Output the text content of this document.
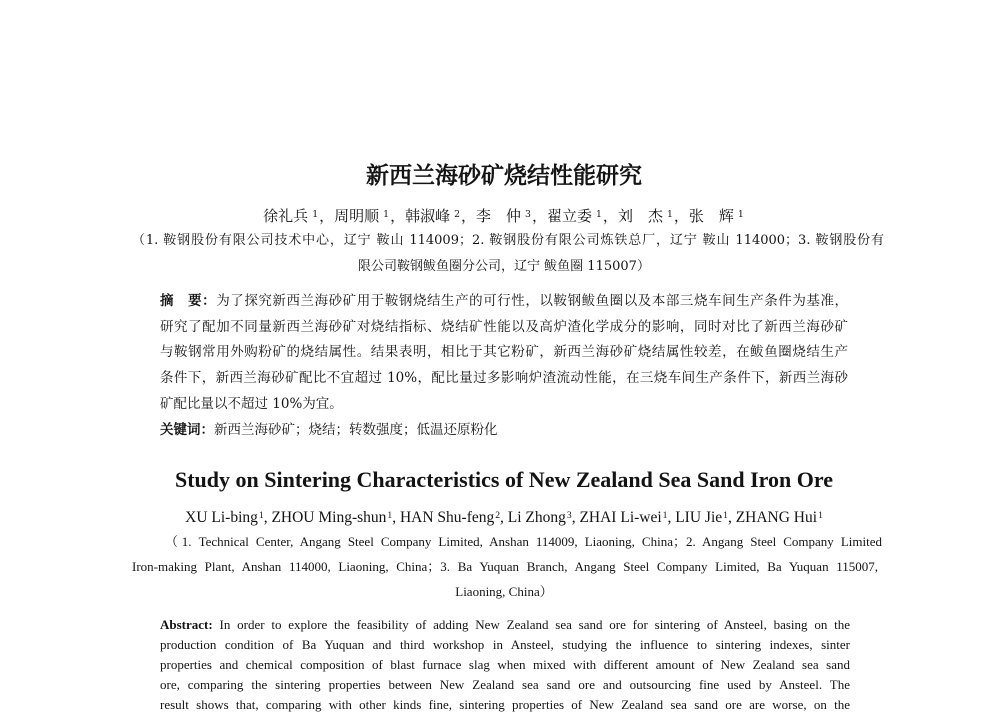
新西兰海砂矿烧结性能研究
徐礼兵 $^1$ ， 周明顺 $^1$ ， 韩淑峰 $^2$ ， 李　仲 $^3$ ， 翟立委 $^1$ ， 刘　杰 $^1$ ， 张　辉 $^1$
（1. 鞍钢股份有限公司技术中心，辽宁 鞍山 114009；2. 鞍钢股份有限公司炼铁总厂，辽宁 鞍山 114000；3. 鞍钢股份有
限公司鞍钢鲅鱼圈分公司，辽宁 鲅鱼圈 115007）
摘　要：为了探究新西兰海砂矿用于鞍钢烧结生产的可行性，以鞍钢鲅鱼圈以及本部三烧车间生产条件为基准，
研究了配加不同量新西兰海砂矿对烧结指标、烧结矿性能以及高炉渣化学成分的影响，同时对比了新西兰海砂矿
与鞍钢常用外购粉矿的烧结属性。结果表明，相比于其它粉矿，新西兰海砂矿烧结属性较差，在鲅鱼圈烧结生产
条件下，新西兰海砂矿配比不宜超过 10%，配比量过多影响炉渣流动性能，在三烧车间生产条件下，新西兰海砂
矿配比量以不超过 10%为宜。
关键词：新西兰海砂矿；烧结；转数强度；低温还原粉化
Study on Sintering Characteristics of New Zealand Sea Sand Iron Ore
XU Li-bing$^1$ , ZHOU Ming-shun$^1$ , HAN Shu-feng$^2$ , Li Zhong$^3$ , ZHAI Li-wei$^1$ , LIU Jie$^1$ , ZHANG Hui$^1$
（1. Technical Center, Angang Steel Company Limited, Anshan 114009, Liaoning, China；2. Angang Steel Company Limited
Iron-making Plant, Anshan 114000, Liaoning, China；3. Ba Yuquan Branch, Angang Steel Company Limited, Ba Yuquan 115007,
Liaoning, China）
Abstract: In order to explore the feasibility of adding New Zealand sea sand ore for sintering of Ansteel, basing on the
production condition of Ba Yuquan and third workshop in Ansteel, studying the influence to sintering indexes, sinter
properties and chemical composition of blast furnace slag when mixed with different amount of New Zealand sea sand
ore, comparing the sintering properties between New Zealand sea sand ore and outsourcing fine used by Ansteel. The
result shows that, comparing with other kinds fine, sintering properties of New Zealand sea sand ore are worse, on the
